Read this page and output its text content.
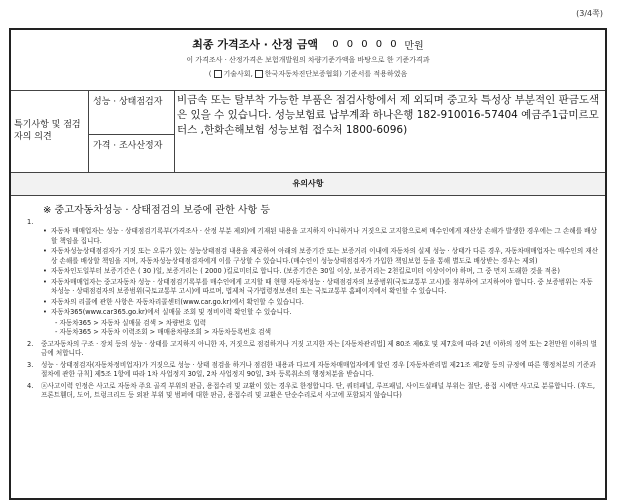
(3/4쪽)
최종 가격조사 · 산정 금액 0 0 0 0 0 만원
이 가격조사 · 산정가격은 보험개발원의 차량기준가액을 바탕으로 한 기준가격과
( 기술사회, 한국자동차진단보증협회) 기준서를 적용하였음
특기사항 및 점검자의 의견
성능 · 상태점검자
가격 · 조사산정자
비금속 또는 탈부착 가능한 부품은 점검사항에서 제 외되며 중고차 특성상 부분적인 판금도색은 있을 수 있습니다. 성능보험료 납부계좌 하나은행 182-910016-57404 예금주1급미르모터스 ,한화손해보험 성능보험 접수처 1800-6096)
유의사항
※ 중고자동차성능 · 상태점검의 보증에 관한 사항 등
1.
• 자동차 매매업자는 성능 · 상태점검기록부(가격조사 · 산정 부분 제외)에 기재된 내용을 고지하지 아니하거나 거짓으로 고지함으로써 매수인에게 재산상 손해가 발생한 경우에는 그 손해를 배상할 책임을 집니다.
• 자동차성능상태점검자가 거짓 또는 오류가 있는 성능상태점검 내용을 제공하여 아래의 보증기간 또는 보증거리 이내에 자동차의 실제 성능 · 상태가 다른 경우, 자동차매매업자는 매수인의 재산상 손해를 배상할 책임을 지며, 자동차성능상태점검자에게 이를 구상할 수 있습니다.(매수인이 성능상태점검자가 가입한 책임보험 등을 통해 별도로 배상받는 경우는 제외)
• 자동차인도일부터 보증기간은 ( 30 )일, 보증거리는 ( 2000 )킬로미터로 합니다. (보증기간은 30일 이상, 보증거리는 2천킬로미터 이상이어야 하며, 그 중 먼저 도래한 것을 적용)
• 자동차매매업자는 중고자동차 성능 · 상태점검기록부를 매수인에게 고지할 때 현행 자동차성능 · 상태점검자의 보증범위(국토교통부 고시)를 첨부하여 고지하여야 합니다. 중 보증범위는 자동차성능 · 상태점검자의 보증범위(국토교통부 고시)에 따르며, 법제처 국가법령정보센터 또는 국토교통부 홈페이지에서 확인할 수 있습니다.
• 자동차의 리콜에 관한 사항은 자동차리콜센터(www.car.go.kr)에서 확인할 수 있습니다.
• 자동차365(www.car365.go.kr)에서 실매물 조회 및 정비이력 확인할 수 있습니다.
- 자동차365 > 자동차 실매물 검색 > 차량번호 입력
- 자동차365 > 자동차 이력조회 > 매매용차량조회 > 자동차등록번호 검색
2. 중고자동차의 구조 · 장치 등의 성능 · 상태를 고지하지 아니한 자, 거짓으로 점검하거나 거짓 고지한 자는 [자동차관리법] 제 80조 제6호 및 제7호에 따라 2년 이하의 징역 또는 2천만원 이하의 벌금에 처합니다.
3. 성능 · 상태점검자(자동차정비업자)가 거짓으로 성능 · 상태 점검을 하거나 점검한 내용과 다르게 자동차매매업자에게 알린 경우 [자동차관리법 제21조 제2항 등의 규정에 따른 행정처분의 기준과 절차에 관한 규칙] 제5조 1항에 따라 1차 사업정지 30일, 2차 사업정지 90일, 3차 등록취소의 행정처분을 받습니다.
4. ⓐ사고이력 인정은 사고로 자동차 주요 골격 부위의 판금, 용접수리 및 교환이 있는 경우로 한정합니다. 단, 쿼터패널, 루프패널, 사이드실패널 부위는 절단, 용접 시에만 사고로 분류합니다. (후드, 프론트휀더, 도어, 트렁크리드 등 외판 부위 및 범퍼에 대한 판금, 용접수리 및 교환은 단순수리로서 사고에 포함되지 않습니다)
